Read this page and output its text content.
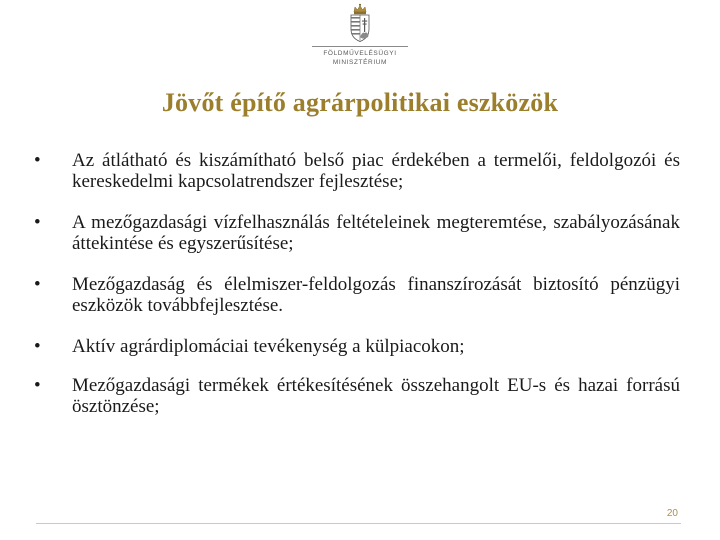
FÖLDMŰVELÉSÜGYI
MINISZTÉRIUM
Jövőt építő agrárpolitikai eszközök
•	Az átlátható és kiszámítható belső piac érdekében a termelői, feldolgozói és kereskedelmi kapcsolatrendszer fejlesztése;
•	A mezőgazdasági vízfelhasználás feltételeinek megteremtése, szabályozásának áttekintése és egyszerűsítése;
•	Mezőgazdaság és élelmiszer-feldolgozás finanszírozását biztosító pénzügyi eszközök továbbfejlesztése.
•	Aktív agrárdiplomáciai tevékenység a külpiacokon;
•	Mezőgazdasági termékek értékesítésének összehangolt EU-s és hazai forrású ösztönzése;
20
